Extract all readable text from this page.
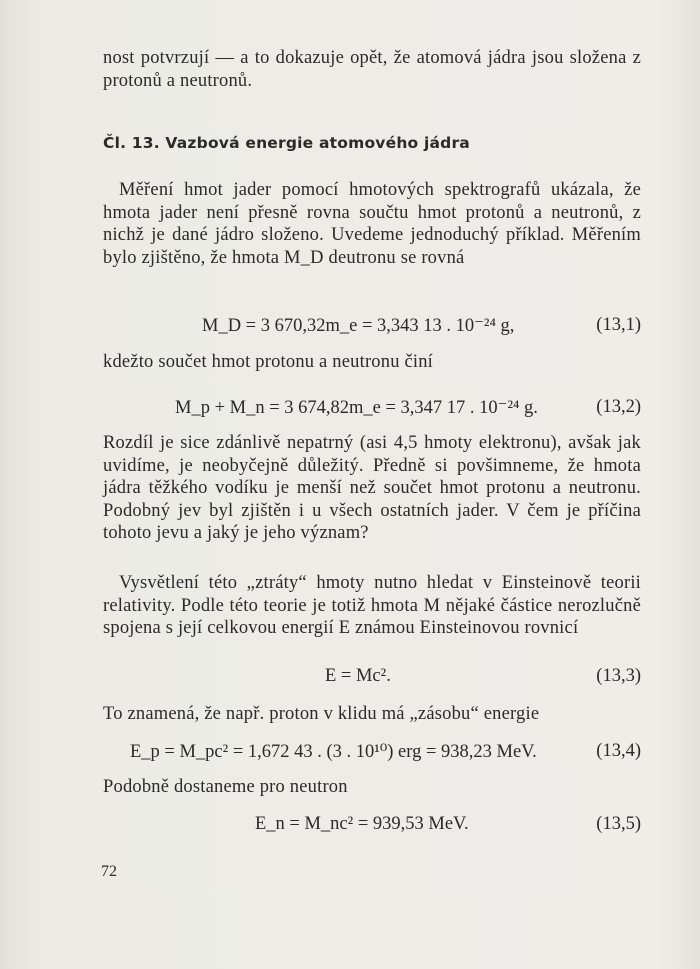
nost potvrzují — a to dokazuje opět, že atomová jádra jsou složena z protonů a neutronů.
Čl. 13. Vazbová energie atomového jádra
Měření hmot jader pomocí hmotových spektrografů ukázala, že hmota jader není přesně rovna součtu hmot protonů a neutronů, z nichž je dané jádro složeno. Uvedeme jednoduchý příklad. Měřením bylo zjištěno, že hmota M_D deutronu se rovná
M_D = 3 670,32m_e = 3,343 13 . 10⁻²⁴ g,	(13,1)
kdežto součet hmot protonu a neutronu činí
M_p + M_n = 3 674,82m_e = 3,347 17 . 10⁻²⁴ g.	(13,2)
Rozdíl je sice zdánlivě nepatrný (asi 4,5 hmoty elektronu), avšak jak uvidíme, je neobyčejně důležitý. Předně si povšimneme, že hmota jádra těžkého vodíku je menší než součet hmot protonu a neutronu. Podobný jev byl zjištěn i u všech ostatních jader. V čem je příčina tohoto jevu a jaký je jeho význam?
Vysvětlení této „ztráty“ hmoty nutno hledat v Einsteinově teorii relativity. Podle této teorie je totiž hmota M nějaké částice nerozlučně spojena s její celkovou energií E známou Einsteinovou rovnicí
E = Mc².	(13,3)
To znamená, že např. proton v klidu má „zásobu“ energie
E_p = M_pc² = 1,672 43 . (3 . 10¹⁰) erg = 938,23 MeV.	(13,4)
Podobně dostaneme pro neutron
E_n = M_nc² = 939,53 MeV.	(13,5)
72
